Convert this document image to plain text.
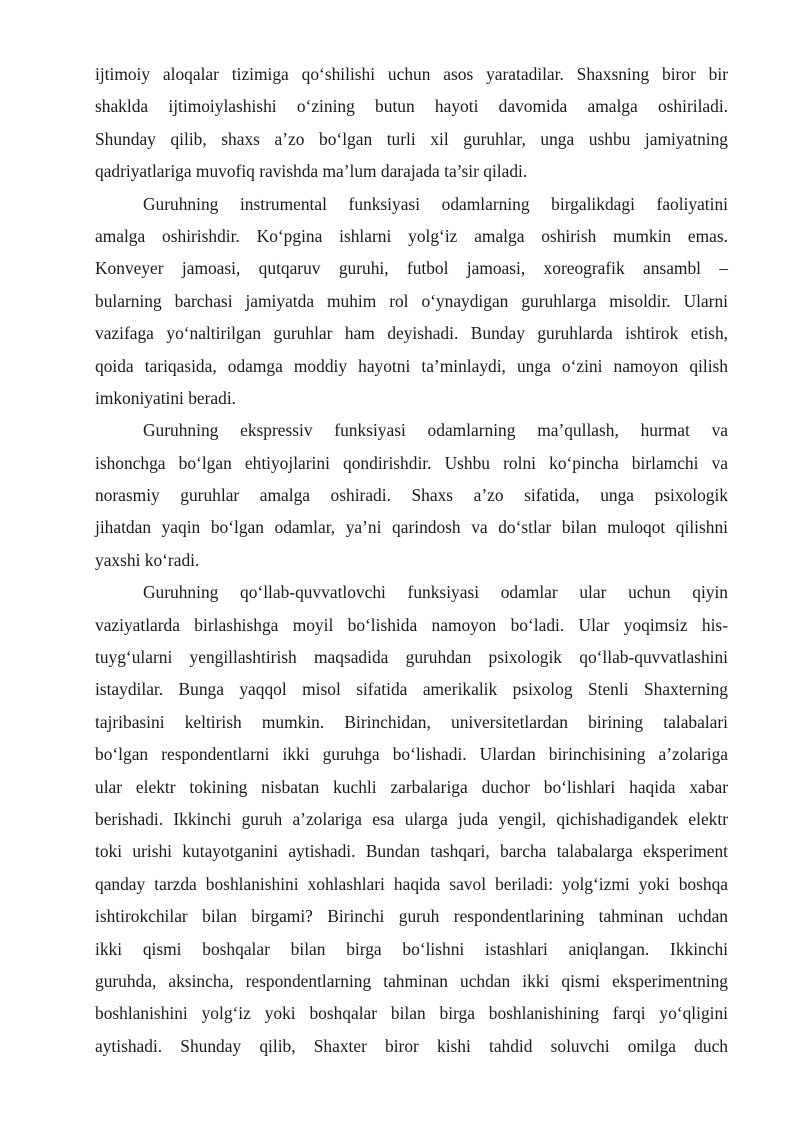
ijtimoiy aloqalar tizimiga qo‘shilishi uchun asos yaratadilar. Shaxsning biror bir
shaklda ijtimoiylashishi o‘zining butun hayoti davomida amalga oshiriladi.
Shunday qilib, shaxs a’zo bo‘lgan turli xil guruhlar, unga ushbu jamiyatning
qadriyatlariga muvofiq ravishda ma’lum darajada ta’sir qiladi.

Guruhning instrumental funksiyasi odamlarning birgalikdagi faoliyatini
amalga oshirishdir. Ko‘pgina ishlarni yolg‘iz amalga oshirish mumkin emas.
Konveyer jamoasi, qutqaruv guruhi, futbol jamoasi, xoreografik ansambl –
bularning barchasi jamiyatda muhim rol o‘ynaydigan guruhlarga misoldir. Ularni
vazifaga yo‘naltirilgan guruhlar ham deyishadi. Bunday guruhlarda ishtirok etish,
qoida tariqasida, odamga moddiy hayotni ta’minlaydi, unga o‘zini namoyon qilish
imkoniyatini beradi.

Guruhning ekspressiv funksiyasi odamlarning ma’qullash, hurmat va
ishonchga bo‘lgan ehtiyojlarini qondirishdir. Ushbu rolni ko‘pincha birlamchi va
norasmiy guruhlar amalga oshiradi. Shaxs a’zo sifatida, unga psixologik
jihatdan yaqin bo‘lgan odamlar, ya’ni qarindosh va do‘stlar bilan muloqot qilishni
yaxshi ko‘radi.

Guruhning qo‘llab-quvvatlovchi funksiyasi odamlar ular uchun qiyin
vaziyatlarda birlashishga moyil bo‘lishida namoyon bo‘ladi. Ular yoqimsiz his-
tuyg‘ularni yengillashtirish maqsadida guruhdan psixologik qo‘llab-quvvatlashini
istaydilar. Bunga yaqqol misol sifatida amerikalik psixolog Stenli Shaxterning
tajribasini keltirish mumkin. Birinchidan, universitetlardan birining talabalari
bo‘lgan respondentlarni ikki guruhga bo‘lishadi. Ulardan birinchisining a’zolariga
ular elektr tokining nisbatan kuchli zarbalariga duchor bo‘lishlari haqida xabar
berishadi. Ikkinchi guruh a’zolariga esa ularga juda yengil, qichishadigandek elektr
toki urishi kutayotganini aytishadi. Bundan tashqari, barcha talabalarga eksperiment
qanday tarzda boshlanishini xohlashlari haqida savol beriladi: yolg‘izmi yoki boshqa
ishtirokchilar bilan birgami? Birinchi guruh respondentlarining tahminan uchdan
ikki qismi boshqalar bilan birga bo‘lishni istashlari aniqlangan. Ikkinchi
guruhda, aksincha, respondentlarning tahminan uchdan ikki qismi eksperimentning
boshlanishini yolg‘iz yoki boshqalar bilan birga boshlanishining farqi yo‘qligini
aytishadi. Shunday qilib, Shaxter biror kishi tahdid soluvchi omilga duch
